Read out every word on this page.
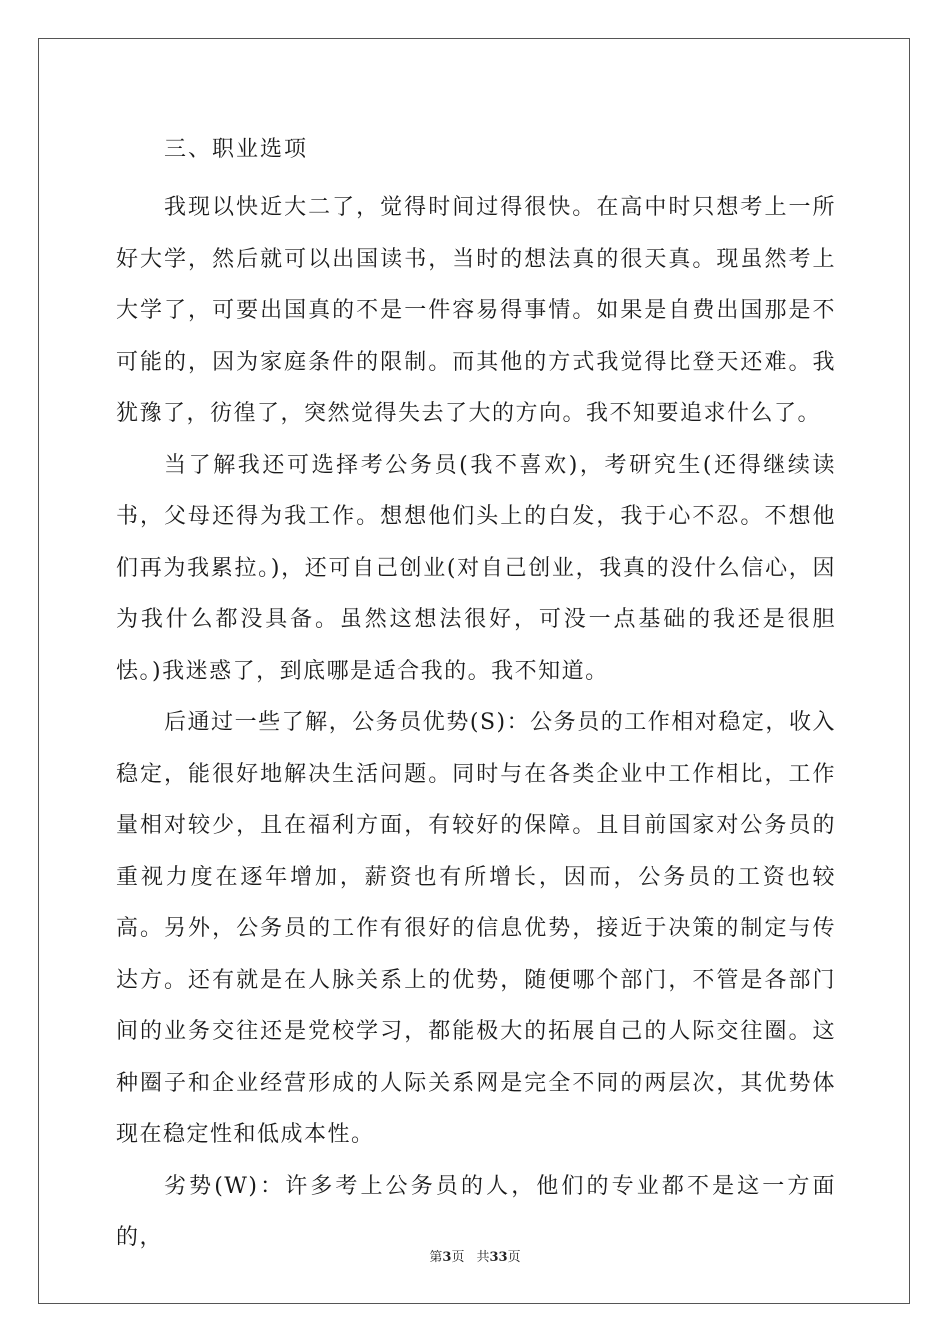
三、职业选项

我现以快近大二了，觉得时间过得很快。在高中时只想考上一所好大学，然后就可以出国读书，当时的想法真的很天真。现虽然考上大学了，可要出国真的不是一件容易得事情。如果是自费出国那是不可能的，因为家庭条件的限制。而其他的方式我觉得比登天还难。我犹豫了，彷徨了，突然觉得失去了大的方向。我不知要追求什么了。

当了解我还可选择考公务员(我不喜欢)，考研究生(还得继续读书，父母还得为我工作。想想他们头上的白发，我于心不忍。不想他们再为我累拉。)，还可自己创业(对自己创业，我真的没什么信心，因为我什么都没具备。虽然这想法很好，可没一点基础的我还是很胆怯。)我迷惑了，到底哪是适合我的。我不知道。

后通过一些了解，公务员优势(S)：公务员的工作相对稳定，收入稳定，能很好地解决生活问题。同时与在各类企业中工作相比，工作量相对较少，且在福利方面，有较好的保障。且目前国家对公务员的重视力度在逐年增加，薪资也有所增长，因而，公务员的工资也较高。另外，公务员的工作有很好的信息优势，接近于决策的制定与传达方。还有就是在人脉关系上的优势，随便哪个部门，不管是各部门间的业务交往还是党校学习，都能极大的拓展自己的人际交往圈。这种圈子和企业经营形成的人际关系网是完全不同的两层次，其优势体现在稳定性和低成本性。

劣势(W)：许多考上公务员的人，他们的专业都不是这一方面的，

第3页 共33页
